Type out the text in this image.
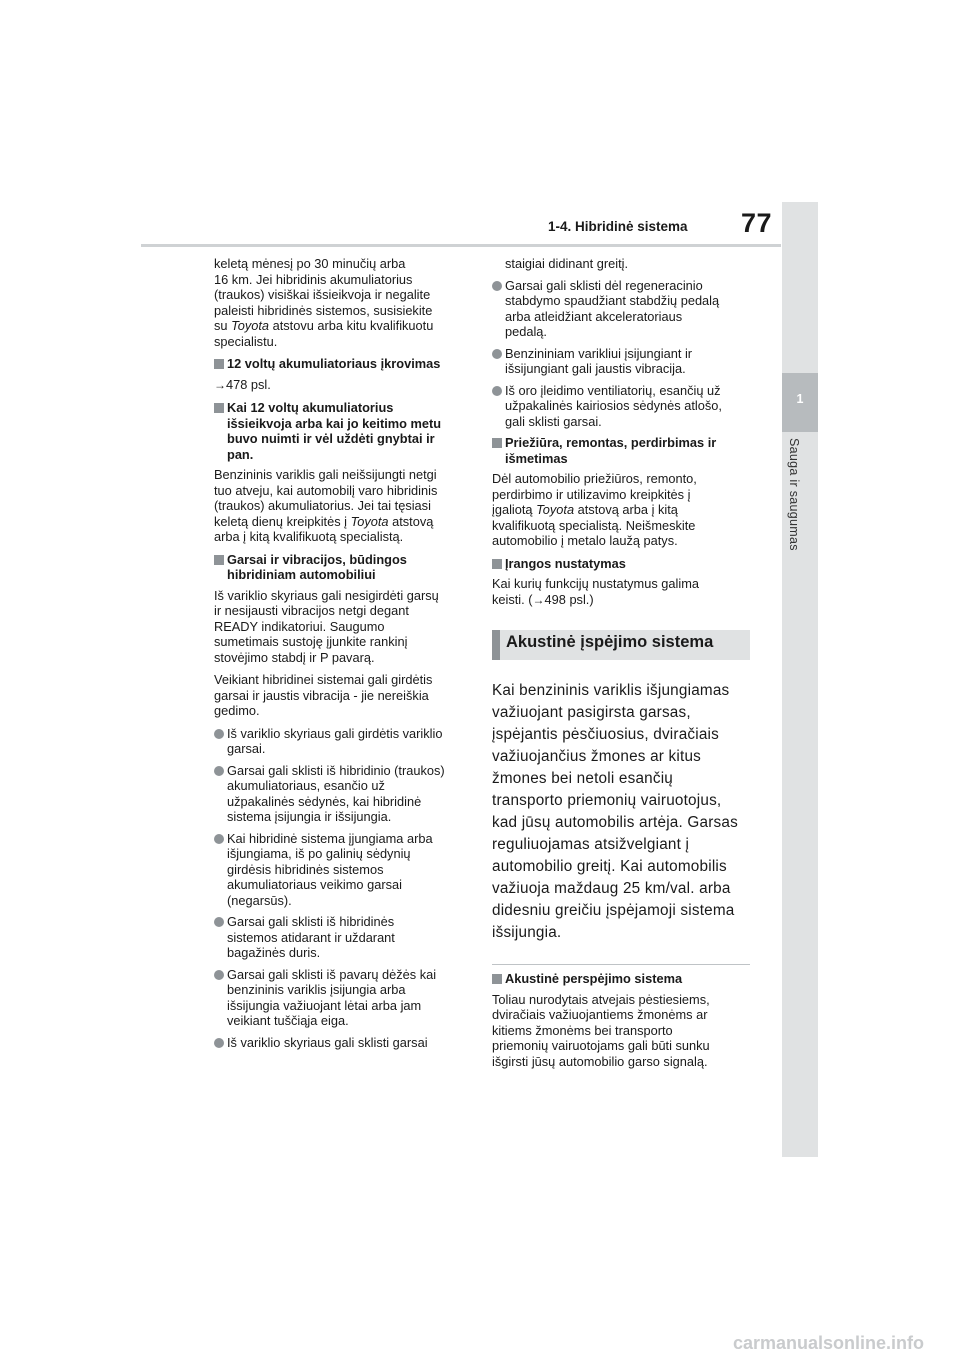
1-4. Hibridinė sistema 77
1
Sauga ir saugumas
keletą mėnesį po 30 minučių arba
16 km. Jei hibridinis akumuliatorius
(traukos) visiškai išsieikvoja ir negalite
paleisti hibridinės sistemos, susisiekite
su Toyota atstovu arba kitu kvalifikuotu
specialistu.
12 voltų akumuliatoriaus įkrovimas
→478 psl.
Kai 12 voltų akumuliatorius
išsieikvoja arba kai jo keitimo metu
buvo nuimti ir vėl uždėti gnybtai ir
pan.
Benzininis variklis gali neišsijungti netgi
tuo atveju, kai automobilį varo hibridinis
(traukos) akumuliatorius. Jei tai tęsiasi
keletą dienų kreipkitės į Toyota atstovą
arba į kitą kvalifikuotą specialistą.
Garsai ir vibracijos, būdingos
hibridiniam automobiliui
Iš variklio skyriaus gali nesigirdėti garsų
ir nesijausti vibracijos netgi degant
READY indikatoriui. Saugumo
sumetimais sustoję įjunkite rankinį
stovėjimo stabdį ir P pavarą.
Veikiant hibridinei sistemai gali girdėtis
garsai ir jaustis vibracija - jie nereiškia
gedimo.
Iš variklio skyriaus gali girdėtis variklio
garsai.
Garsai gali sklisti iš hibridinio (traukos)
akumuliatoriaus, esančio už
užpakalinės sėdynės, kai hibridinė
sistema įsijungia ir išsijungia.
Kai hibridinė sistema įjungiama arba
išjungiama, iš po galinių sėdynių
girdėsis hibridinės sistemos
akumuliatoriaus veikimo garsai
(negarsūs).
Garsai gali sklisti iš hibridinės
sistemos atidarant ir uždarant
bagažinės duris.
Garsai gali sklisti iš pavarų dėžės kai
benzininis variklis įsijungia arba
išsijungia važiuojant lėtai arba jam
veikiant tuščiąja eiga.
Iš variklio skyriaus gali sklisti garsai
staigiai didinant greitį.
Garsai gali sklisti dėl regeneracinio
stabdymo spaudžiant stabdžių pedalą
arba atleidžiant akceleratoriaus
pedalą.
Benzininiam varikliui įsijungiant ir
išsijungiant gali jaustis vibracija.
Iš oro įleidimo ventiliatorių, esančių už
užpakalinės kairiosios sėdynės atlošo,
gali sklisti garsai.
Priežiūra, remontas, perdirbimas ir
išmetimas
Dėl automobilio priežiūros, remonto,
perdirbimo ir utilizavimo kreipkitės į
įgaliotą Toyota atstovą arba į kitą
kvalifikuotą specialistą. Neišmeskite
automobilio į metalo laužą patys.
Įrangos nustatymas
Kai kurių funkcijų nustatymus galima
keisti. (→498 psl.)
Akustinė įspėjimo sistema
Kai benzininis variklis išjungiamas
važiuojant pasigirsta garsas,
įspėjantis pėsčiuosius, dviračiais
važiuojančius žmones ar kitus
žmones bei netoli esančių
transporto priemonių vairuotojus,
kad jūsų automobilis artėja. Garsas
reguliuojamas atsižvelgiant į
automobilio greitį. Kai automobilis
važiuoja maždaug 25 km/val. arba
didesniu greičiu įspėjamoji sistema
išsijungia.
Akustinė perspėjimo sistema
Toliau nurodytais atvejais pėstiesiems,
dviračiais važiuojantiems žmonėms ar
kitiems žmonėms bei transporto
priemonių vairuotojams gali būti sunku
išgirsti jūsų automobilio garso signalą.
carmanualsonline.info
